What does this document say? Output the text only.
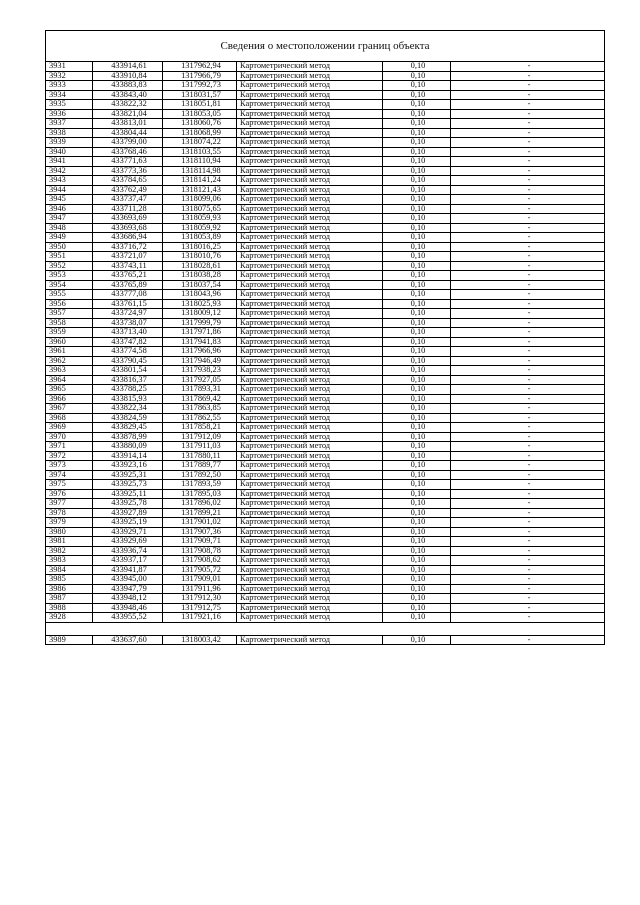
Сведения о местоположении границ объекта
3931	433914,61	1317962,94	Картометрический метод	0,10	-
3932	433910,84	1317966,79	Картометрический метод	0,10	-
3933	433883,83	1317992,73	Картометрический метод	0,10	-
3934	433843,40	1318031,57	Картометрический метод	0,10	-
3935	433822,32	1318051,81	Картометрический метод	0,10	-
3936	433821,04	1318053,05	Картометрический метод	0,10	-
3937	433813,01	1318060,76	Картометрический метод	0,10	-
3938	433804,44	1318068,99	Картометрический метод	0,10	-
3939	433799,00	1318074,22	Картометрический метод	0,10	-
3940	433768,46	1318103,55	Картометрический метод	0,10	-
3941	433771,63	1318110,94	Картометрический метод	0,10	-
3942	433773,36	1318114,98	Картометрический метод	0,10	-
3943	433784,65	1318141,24	Картометрический метод	0,10	-
3944	433762,49	1318121,43	Картометрический метод	0,10	-
3945	433737,47	1318099,06	Картометрический метод	0,10	-
3946	433711,28	1318075,65	Картометрический метод	0,10	-
3947	433693,69	1318059,93	Картометрический метод	0,10	-
3948	433693,68	1318059,92	Картометрический метод	0,10	-
3949	433686,94	1318053,89	Картометрический метод	0,10	-
3950	433716,72	1318016,25	Картометрический метод	0,10	-
3951	433721,07	1318010,76	Картометрический метод	0,10	-
3952	433743,11	1318028,61	Картометрический метод	0,10	-
3953	433765,21	1318038,28	Картометрический метод	0,10	-
3954	433765,89	1318037,54	Картометрический метод	0,10	-
3955	433777,08	1318043,96	Картометрический метод	0,10	-
3956	433761,15	1318025,93	Картометрический метод	0,10	-
3957	433724,97	1318009,12	Картометрический метод	0,10	-
3958	433738,07	1317999,79	Картометрический метод	0,10	-
3959	433713,40	1317971,86	Картометрический метод	0,10	-
3960	433747,82	1317941,83	Картометрический метод	0,10	-
3961	433774,58	1317966,96	Картометрический метод	0,10	-
3962	433790,45	1317946,49	Картометрический метод	0,10	-
3963	433801,54	1317938,23	Картометрический метод	0,10	-
3964	433816,37	1317927,05	Картометрический метод	0,10	-
3965	433788,25	1317893,31	Картометрический метод	0,10	-
3966	433815,93	1317869,42	Картометрический метод	0,10	-
3967	433822,34	1317863,85	Картометрический метод	0,10	-
3968	433824,59	1317862,55	Картометрический метод	0,10	-
3969	433829,45	1317858,21	Картометрический метод	0,10	-
3970	433878,99	1317912,09	Картометрический метод	0,10	-
3971	433880,09	1317911,03	Картометрический метод	0,10	-
3972	433914,14	1317880,11	Картометрический метод	0,10	-
3973	433923,16	1317889,77	Картометрический метод	0,10	-
3974	433925,31	1317892,50	Картометрический метод	0,10	-
3975	433925,73	1317893,59	Картометрический метод	0,10	-
3976	433925,11	1317895,03	Картометрический метод	0,10	-
3977	433925,78	1317896,02	Картометрический метод	0,10	-
3978	433927,89	1317899,21	Картометрический метод	0,10	-
3979	433925,19	1317901,02	Картометрический метод	0,10	-
3980	433929,71	1317907,36	Картометрический метод	0,10	-
3981	433929,69	1317909,71	Картометрический метод	0,10	-
3982	433936,74	1317908,78	Картометрический метод	0,10	-
3983	433937,17	1317908,62	Картометрический метод	0,10	-
3984	433941,87	1317905,72	Картометрический метод	0,10	-
3985	433945,00	1317909,01	Картометрический метод	0,10	-
3986	433947,79	1317911,96	Картометрический метод	0,10	-
3987	433948,12	1317912,30	Картометрический метод	0,10	-
3988	433948,46	1317912,75	Картометрический метод	0,10	-
3928	433955,52	1317921,16	Картометрический метод	0,10	-
3989	433637,60	1318003,42	Картометрический метод	0,10	-
